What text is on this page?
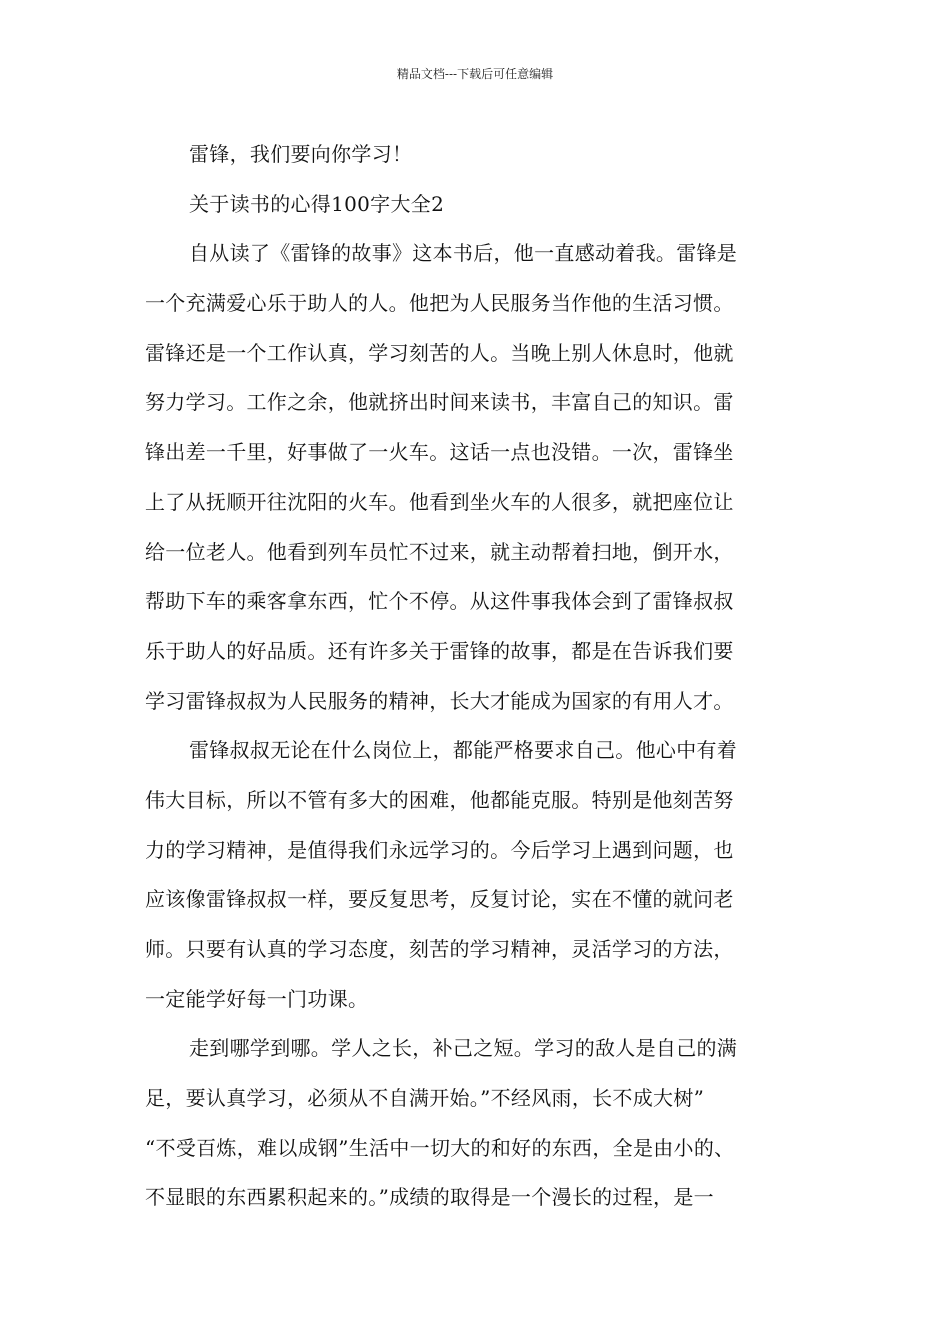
精品文档---下载后可任意编辑
雷锋，我们要向你学习！
关于读书的心得100字大全2
自从读了《雷锋的故事》这本书后，他一直感动着我。雷锋是
一个充满爱心乐于助人的人。他把为人民服务当作他的生活习惯。
雷锋还是一个工作认真，学习刻苦的人。当晚上别人休息时，他就
努力学习。工作之余，他就挤出时间来读书，丰富自己的知识。雷
锋出差一千里，好事做了一火车。这话一点也没错。一次，雷锋坐
上了从抚顺开往沈阳的火车。他看到坐火车的人很多，就把座位让
给一位老人。他看到列车员忙不过来，就主动帮着扫地，倒开水，
帮助下车的乘客拿东西，忙个不停。从这件事我体会到了雷锋叔叔
乐于助人的好品质。还有许多关于雷锋的故事，都是在告诉我们要
学习雷锋叔叔为人民服务的精神，长大才能成为国家的有用人才。
雷锋叔叔无论在什么岗位上，都能严格要求自己。他心中有着
伟大目标，所以不管有多大的困难，他都能克服。特别是他刻苦努
力的学习精神，是值得我们永远学习的。今后学习上遇到问题，也
应该像雷锋叔叔一样，要反复思考，反复讨论，实在不懂的就问老
师。只要有认真的学习态度，刻苦的学习精神，灵活学习的方法，
一定能学好每一门功课。
走到哪学到哪。学人之长，补己之短。学习的敌人是自己的满
足，要认真学习，必须从不自满开始。”不经风雨，长不成大树”
“不受百炼，难以成钢”生活中一切大的和好的东西，全是由小的、
不显眼的东西累积起来的。”成绩的取得是一个漫长的过程，是一
